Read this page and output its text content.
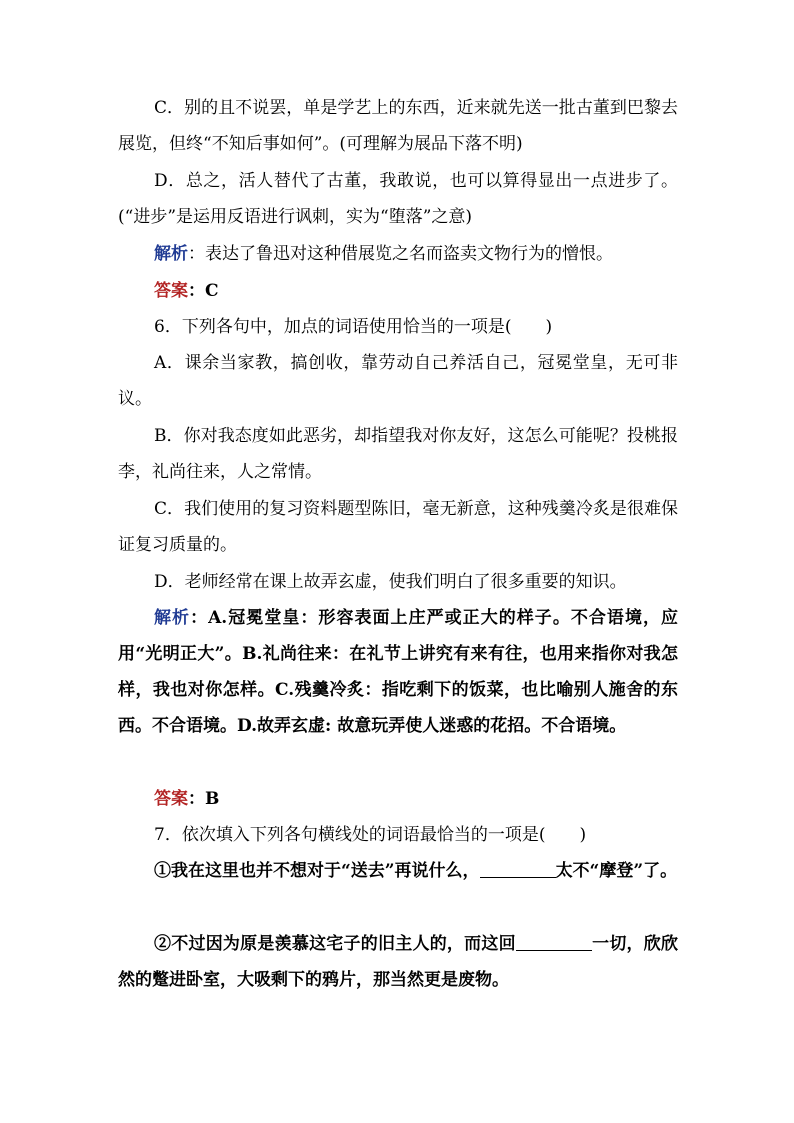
C．别的且不说罢，单是学艺上的东西，近来就先送一批古董到巴黎去展览，但终“不知后事如何”。(可理解为展品下落不明)

D．总之，活人替代了古董，我敢说，也可以算得显出一点进步了。(“进步”是运用反语进行讽刺，实为“堕落”之意)

解析：表达了鲁迅对这种借展览之名而盗卖文物行为的憎恨。

答案：C

6．下列各句中，加点的词语使用恰当的一项是(　　)

A．课余当家教，搞创收，靠劳动自己养活自己，冠冕堂皇，无可非议。

B．你对我态度如此恶劣，却指望我对你友好，这怎么可能呢？投桃报李，礼尚往来，人之常情。

C．我们使用的复习资料题型陈旧，毫无新意，这种残羹冷炙是很难保证复习质量的。

D．老师经常在课上故弄玄虚，使我们明白了很多重要的知识。

解析：A.冠冕堂皇：形容表面上庄严或正大的样子。不合语境，应用“光明正大”。B.礼尚往来：在礼节上讲究有来有往，也用来指你对我怎样，我也对你怎样。C.残羹冷炙：指吃剩下的饭菜，也比喻别人施舍的东西。不合语境。D.故弄玄虚: 故意玩弄使人迷惑的花招。不合语境。

答案：B

7．依次填入下列各句横线处的词语最恰当的一项是(　　)

①我在这里也并不想对于“送去”再说什么，	太不“摩登”了。

②不过因为原是羡慕这宅子的旧主人的，而这回	一切，欣欣然的蹩进卧室，大吸剩下的鸦片，那当然更是废物。
